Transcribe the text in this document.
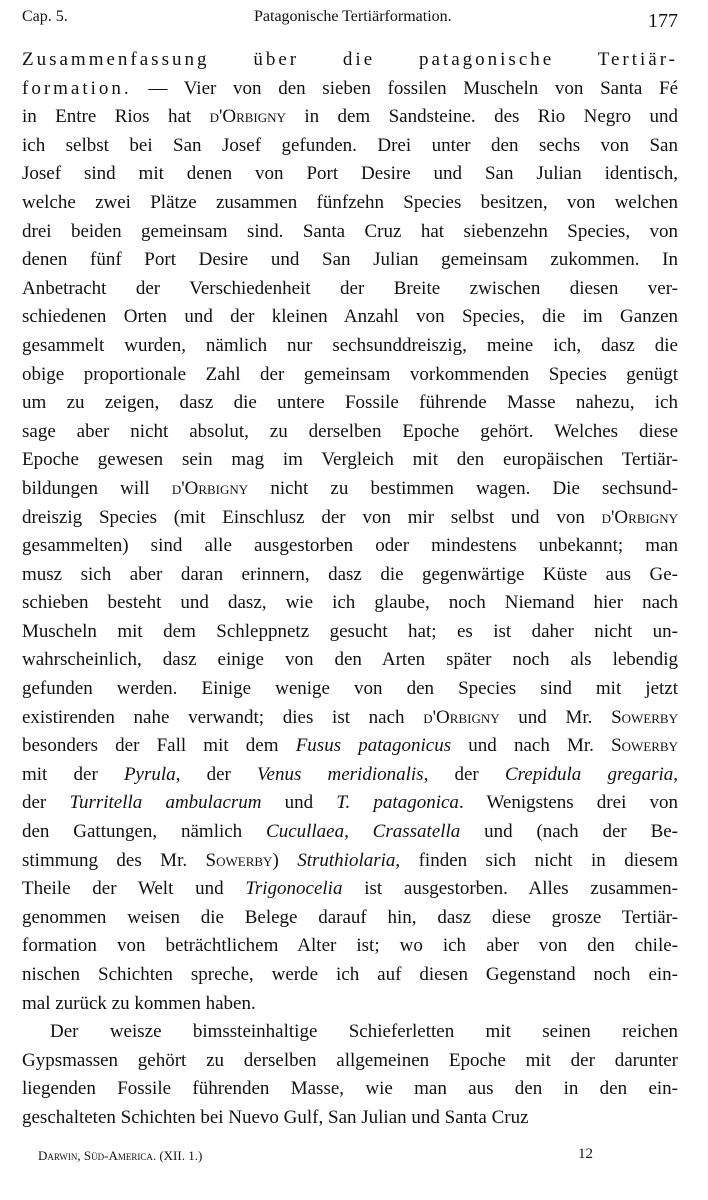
Cap. 5.	Patagonische Tertiärformation.	177
Zusammenfassung über die patagonische Tertiär-
formation. — Vier von den sieben fossilen Muscheln von Santa Fé
in Entre Rios hat d'Orbigny in dem Sandsteine. des Rio Negro und
ich selbst bei San Josef gefunden. Drei unter den sechs von San
Josef sind mit denen von Port Desire und San Julian identisch,
welche zwei Plätze zusammen fünfzehn Species besitzen, von welchen
drei beiden gemeinsam sind. Santa Cruz hat siebenzehn Species, von
denen fünf Port Desire und San Julian gemeinsam zukommen. In
Anbetracht der Verschiedenheit der Breite zwischen diesen ver-
schiedenen Orten und der kleinen Anzahl von Species, die im Ganzen
gesammelt wurden, nämlich nur sechsunddreiszig, meine ich, dasz die
obige proportionale Zahl der gemeinsam vorkommenden Species genügt
um zu zeigen, dasz die untere Fossile führende Masse nahezu, ich
sage aber nicht absolut, zu derselben Epoche gehört. Welches diese
Epoche gewesen sein mag im Vergleich mit den europäischen Tertiär-
bildungen will d'Orbigny nicht zu bestimmen wagen. Die sechsund-
dreiszig Species (mit Einschlusz der von mir selbst und von d'Orbigny
gesammelten) sind alle ausgestorben oder mindestens unbekannt; man
musz sich aber daran erinnern, dasz die gegenwärtige Küste aus Ge-
schieben besteht und dasz, wie ich glaube, noch Niemand hier nach
Muscheln mit dem Schleppnetz gesucht hat; es ist daher nicht un-
wahrscheinlich, dasz einige von den Arten später noch als lebendig
gefunden werden. Einige wenige von den Species sind mit jetzt
existirenden nahe verwandt; dies ist nach d'Orbigny und Mr. Sowerby
besonders der Fall mit dem Fusus patagonicus und nach Mr. Sowerby
mit der Pyrula, der Venus meridionalis, der Crepidula gregaria,
der Turritella ambulacrum und T. patagonica. Wenigstens drei von
den Gattungen, nämlich Cucullaea, Crassatella und (nach der Be-
stimmung des Mr. Sowerby) Struthiolaria, finden sich nicht in diesem
Theile der Welt und Trigonocelia ist ausgestorben. Alles zusammen-
genommen weisen die Belege darauf hin, dasz diese grosze Tertiär-
formation von beträchtlichem Alter ist; wo ich aber von den chile-
nischen Schichten spreche, werde ich auf diesen Gegenstand noch ein-
mal zurück zu kommen haben.
Der weisze bimssteinhaltige Schieferletten mit seinen reichen
Gypsmassen gehört zu derselben allgemeinen Epoche mit der darunter
liegenden Fossile führenden Masse, wie man aus den in den ein-
geschalteten Schichten bei Nuevo Gulf, San Julian und Santa Cruz
Darwin, Süd-America. (XII. 1.)	12
